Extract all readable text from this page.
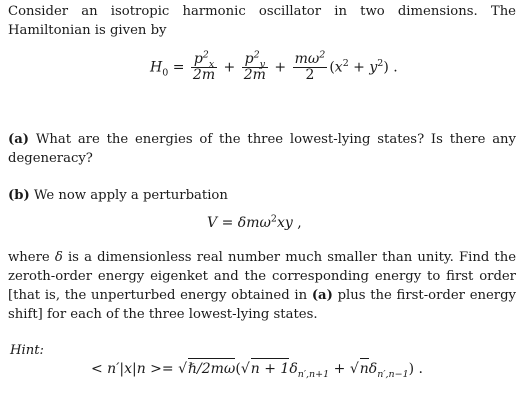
Consider an isotropic harmonic oscillator in two dimensions. The Hamiltonian is given by

$H_0 = \frac{p^2_x}{2m} + \frac{p^2_y}{2m} + \frac{m\omega^2}{2} (x^2 + y^2)$ .

(a) What are the energies of the three lowest-lying states? Is there any degeneracy?

(b) We now apply a perturbation

V = δmω$^2$xy ,

where δ is a dimensionless real number much smaller than unity. Find the zeroth-order energy eigenket and the corresponding energy to first order [that is, the unperturbed energy obtained in (a) plus the first-order energy shift] for each of the three lowest-lying states.

Hint:
< n′|x|n >= √ℏ/2mω(√n + $1\delta_{n',n+1} + √n\delta_{n',n-1}$) .
